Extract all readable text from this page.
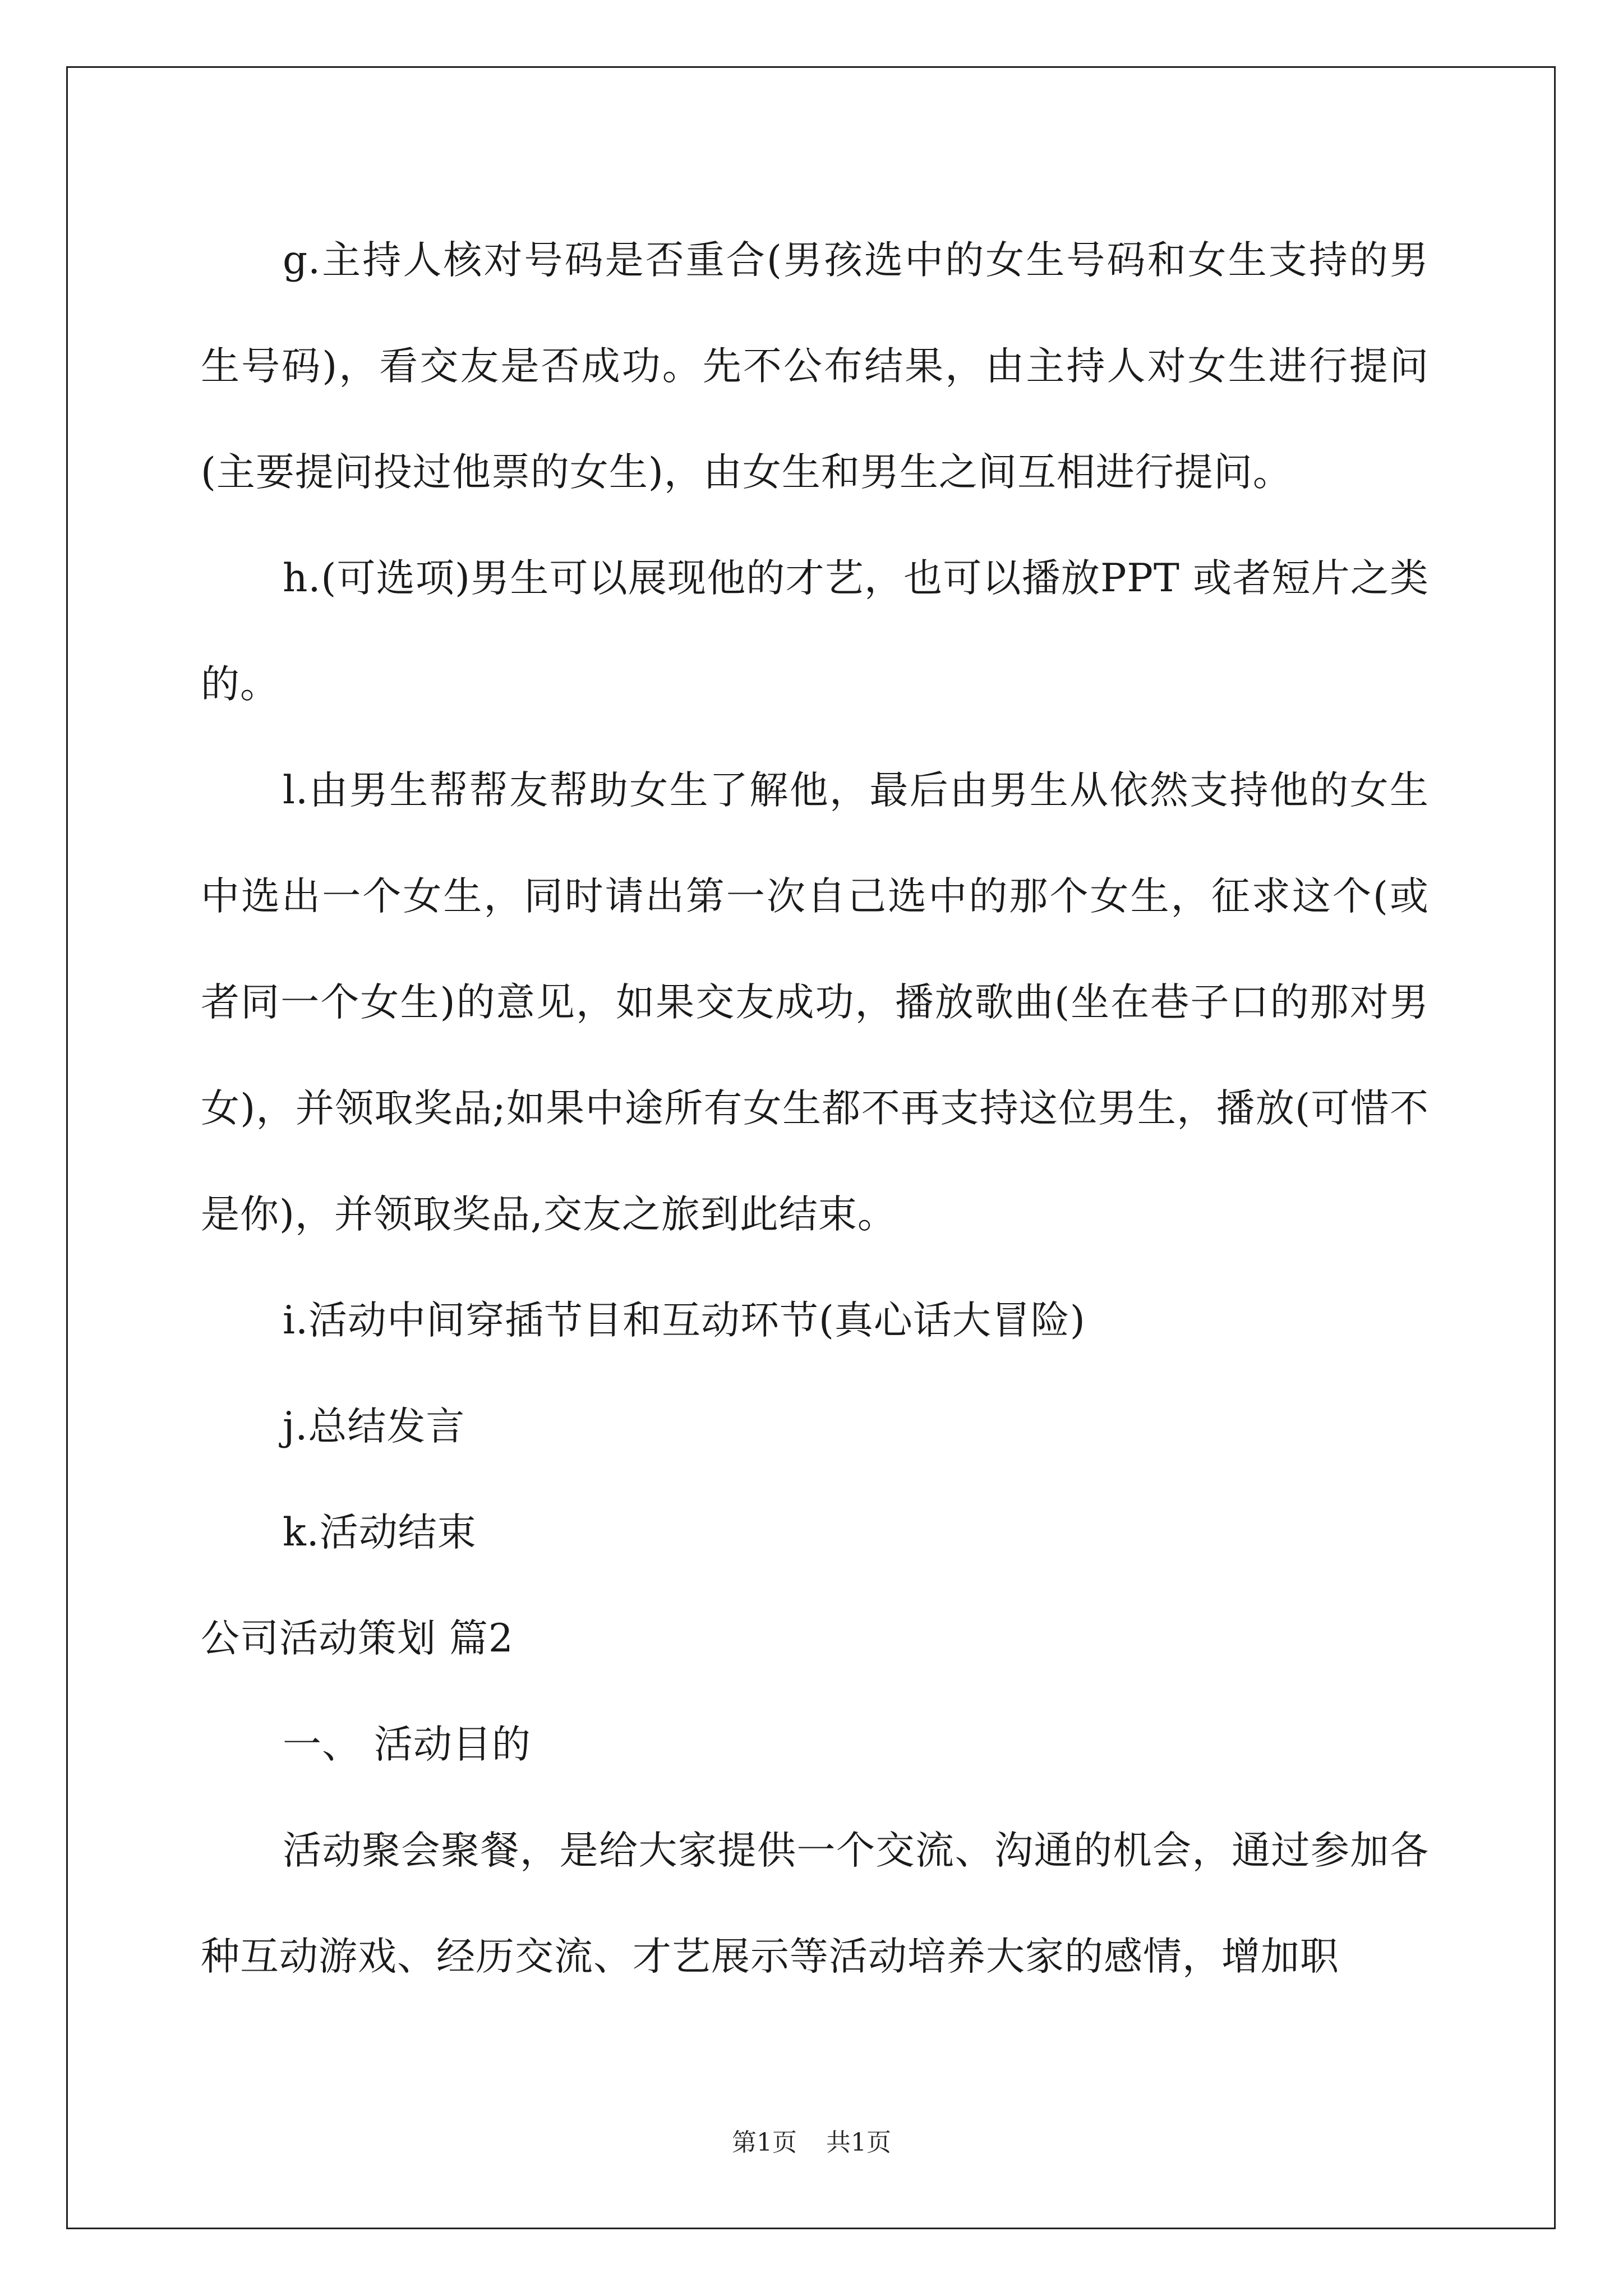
g.主持人核对号码是否重合(男孩选中的女生号码和女生支持的男生号码)，看交友是否成功。先不公布结果，由主持人对女生进行提问(主要提问投过他票的女生)，由女生和男生之间互相进行提问。

h.(可选项)男生可以展现他的才艺，也可以播放PPT 或者短片之类的。

l.由男生帮帮友帮助女生了解他，最后由男生从依然支持他的女生中选出一个女生，同时请出第一次自己选中的那个女生，征求这个(或者同一个女生)的意见，如果交友成功，播放歌曲(坐在巷子口的那对男女)，并领取奖品;如果中途所有女生都不再支持这位男生，播放(可惜不是你)，并领取奖品,交友之旅到此结束。

i.活动中间穿插节目和互动环节(真心话大冒险)

j.总结发言

k.活动结束

公司活动策划 篇2

一、 活动目的

活动聚会聚餐，是给大家提供一个交流、沟通的机会，通过参加各种互动游戏、经历交流、才艺展示等活动培养大家的感情，增加职

第1页 共1页
